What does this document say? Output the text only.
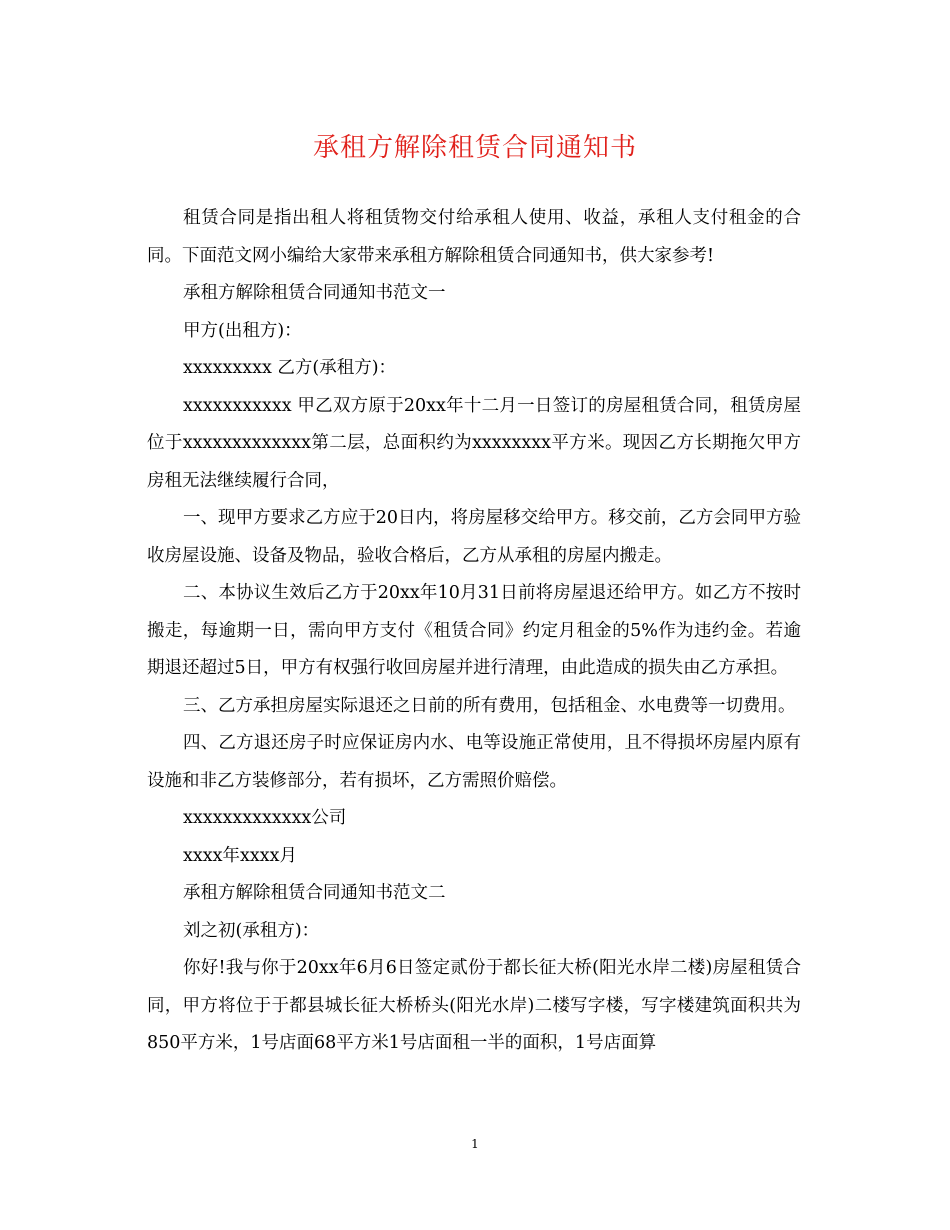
承租方解除租赁合同通知书

租赁合同是指出租人将租赁物交付给承租人使用、收益，承租人支付租金的合同。下面范文网小编给大家带来承租方解除租赁合同通知书，供大家参考!

承租方解除租赁合同通知书范文一

甲方(出租方)：

xxxxxxxxx 乙方(承租方)：

xxxxxxxxxxx 甲乙双方原于20xx年十二月一日签订的房屋租赁合同，租赁房屋位于xxxxxxxxxxxxx第二层，总面积约为xxxxxxxx平方米。现因乙方长期拖欠甲方房租无法继续履行合同，

一、现甲方要求乙方应于20日内，将房屋移交给甲方。移交前，乙方会同甲方验收房屋设施、设备及物品，验收合格后，乙方从承租的房屋内搬走。

二、本协议生效后乙方于20xx年10月31日前将房屋退还给甲方。如乙方不按时搬走，每逾期一日，需向甲方支付《租赁合同》约定月租金的5%作为违约金。若逾期退还超过5日，甲方有权强行收回房屋并进行清理，由此造成的损失由乙方承担。

三、乙方承担房屋实际退还之日前的所有费用，包括租金、水电费等一切费用。

四、乙方退还房子时应保证房内水、电等设施正常使用，且不得损坏房屋内原有设施和非乙方装修部分，若有损坏，乙方需照价赔偿。

xxxxxxxxxxxxx公司

xxxx年xxxx月

承租方解除租赁合同通知书范文二

刘之初(承租方)：

你好!我与你于20xx年6月6日签定贰份于都长征大桥(阳光水岸二楼)房屋租赁合同，甲方将位于于都县城长征大桥桥头(阳光水岸)二楼写字楼，写字楼建筑面积共为850平方米，1号店面68平方米1号店面租一半的面积，1号店面算

1
